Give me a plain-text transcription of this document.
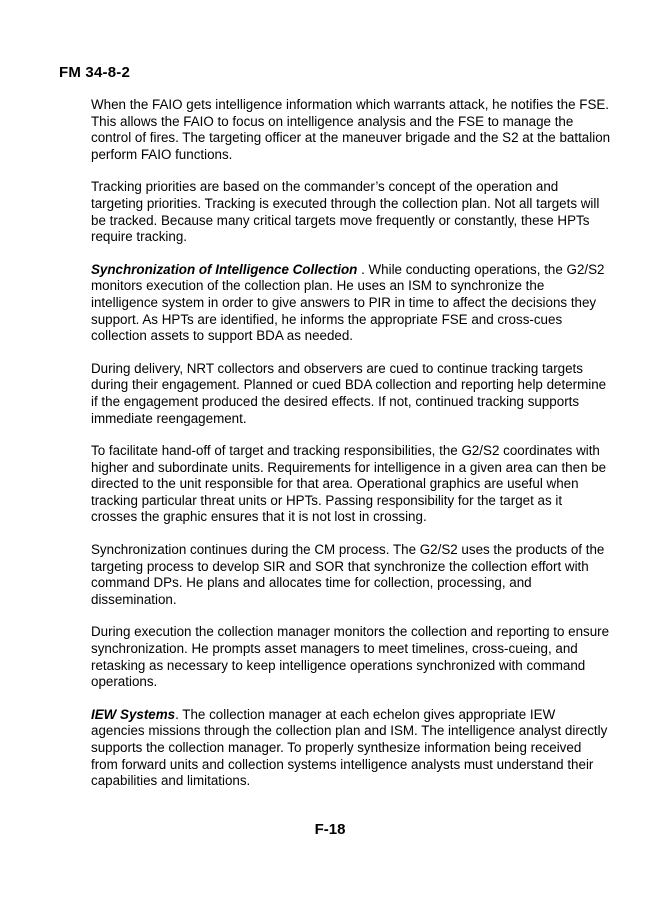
FM 34-8-2

When the FAIO gets intelligence information which warrants attack, he notifies the FSE. This allows the FAIO to focus on intelligence analysis and the FSE to manage the control of fires. The targeting officer at the maneuver brigade and the S2 at the battalion perform FAIO functions.

Tracking priorities are based on the commander’s concept of the operation and targeting priorities. Tracking is executed through the collection plan. Not all targets will be tracked. Because many critical targets move frequently or constantly, these HPTs require tracking.

Synchronization of Intelligence Collection . While conducting operations, the G2/S2 monitors execution of the collection plan. He uses an ISM to synchronize the intelligence system in order to give answers to PIR in time to affect the decisions they support. As HPTs are identified, he informs the appropriate FSE and cross-cues collection assets to support BDA as needed.

During delivery, NRT collectors and observers are cued to continue tracking targets during their engagement. Planned or cued BDA collection and reporting help determine if the engagement produced the desired effects. If not, continued tracking supports immediate reengagement.

To facilitate hand-off of target and tracking responsibilities, the G2/S2 coordinates with higher and subordinate units. Requirements for intelligence in a given area can then be directed to the unit responsible for that area. Operational graphics are useful when tracking particular threat units or HPTs. Passing responsibility for the target as it crosses the graphic ensures that it is not lost in crossing.

Synchronization continues during the CM process. The G2/S2 uses the products of the targeting process to develop SIR and SOR that synchronize the collection effort with command DPs. He plans and allocates time for collection, processing, and dissemination.

During execution the collection manager monitors the collection and reporting to ensure synchronization. He prompts asset managers to meet timelines, cross-cueing, and retasking as necessary to keep intelligence operations synchronized with command operations.

IEW Systems. The collection manager at each echelon gives appropriate IEW agencies missions through the collection plan and ISM. The intelligence analyst directly supports the collection manager. To properly synthesize information being received from forward units and collection systems intelligence analysts must understand their capabilities and limitations.

F-18
